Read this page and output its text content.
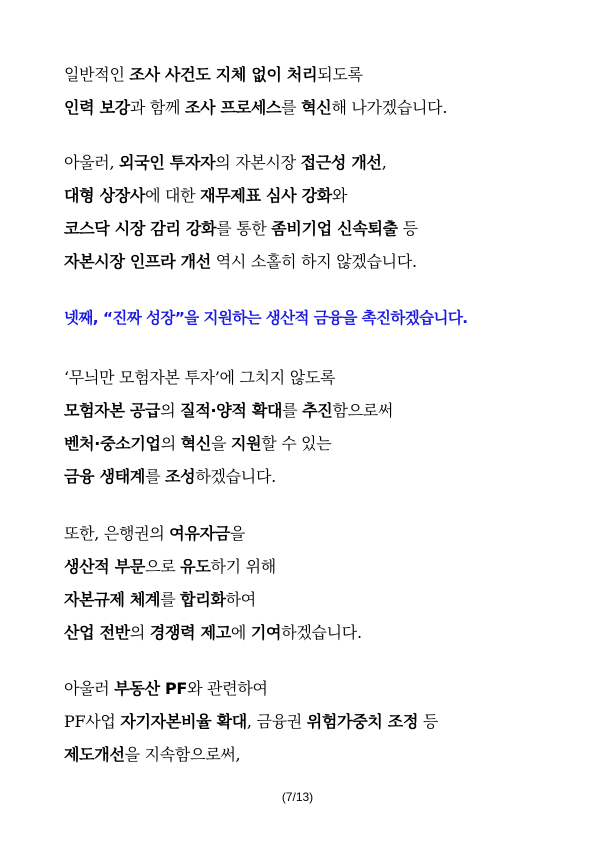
일반적인 조사 사건도 지체 없이 처리되도록
인력 보강과 함께 조사 프로세스를 혁신해 나가겠습니다.
아울러, 외국인 투자자의 자본시장 접근성 개선,
대형 상장사에 대한 재무제표 심사 강화와
코스닥 시장 감리 강화를 통한 좀비기업 신속퇴출 등
자본시장 인프라 개선 역시 소홀히 하지 않겠습니다.
넷째, “진짜 성장”을 지원하는 생산적 금융을 촉진하겠습니다.
‘무늬만 모험자본 투자’에 그치지 않도록
모험자본 공급의 질적·양적 확대를 추진함으로써
벤처·중소기업의 혁신을 지원할 수 있는
금융 생태계를 조성하겠습니다.
또한, 은행권의 여유자금을
생산적 부문으로 유도하기 위해
자본규제 체계를 합리화하여
산업 전반의 경쟁력 제고에 기여하겠습니다.
아울러 부동산 PF와 관련하여
PF사업 자기자본비율 확대, 금융권 위험가중치 조정 등
제도개선을 지속함으로써,
(7/13)
